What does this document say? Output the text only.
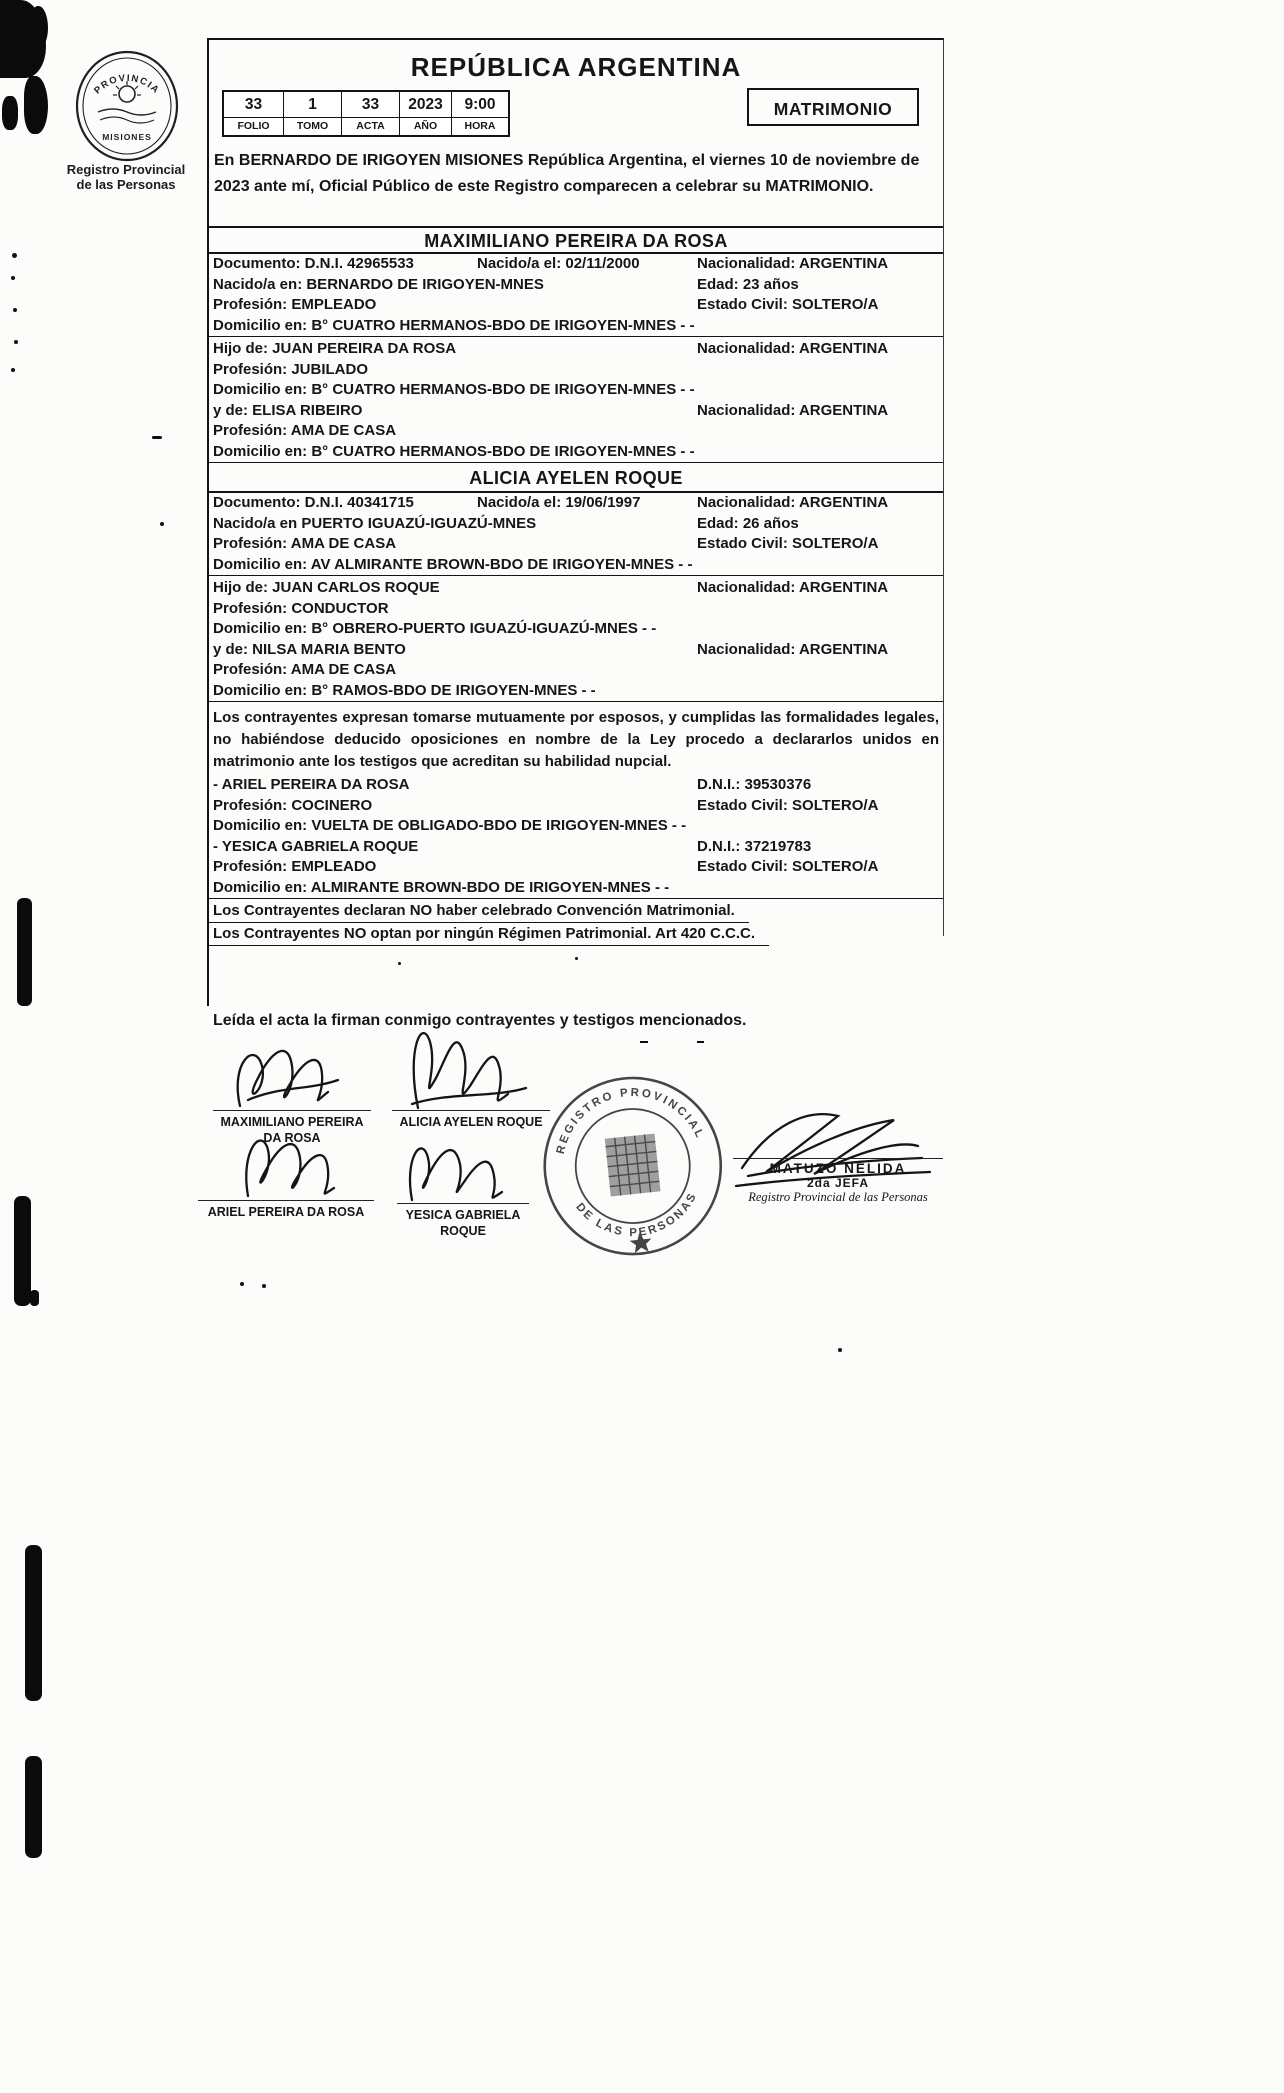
PROVINCIA
MISIONES
Registro Provincial
de las Personas
REPÚBLICA ARGENTINA
33	1	33	2023	9:00
FOLIO	TOMO	ACTA	AÑO	HORA
MATRIMONIO
En BERNARDO DE IRIGOYEN MISIONES República Argentina, el viernes 10 de noviembre de 2023 ante mí, Oficial Público de este Registro comparecen a celebrar su MATRIMONIO.
MAXIMILIANO PEREIRA DA ROSA
Documento: D.N.I. 42965533	Nacido/a el: 02/11/2000	Nacionalidad: ARGENTINA
Nacido/a en: BERNARDO DE IRIGOYEN-MNES	Edad: 23 años
Profesión: EMPLEADO	Estado Civil: SOLTERO/A
Domicilio en: B° CUATRO HERMANOS-BDO DE IRIGOYEN-MNES - -
Hijo de: JUAN PEREIRA DA ROSA	Nacionalidad: ARGENTINA
Profesión: JUBILADO
Domicilio en: B° CUATRO HERMANOS-BDO DE IRIGOYEN-MNES - -
y de: ELISA RIBEIRO	Nacionalidad: ARGENTINA
Profesión: AMA DE CASA
Domicilio en: B° CUATRO HERMANOS-BDO DE IRIGOYEN-MNES - -
ALICIA AYELEN ROQUE
Documento: D.N.I. 40341715	Nacido/a el: 19/06/1997	Nacionalidad: ARGENTINA
Nacido/a en PUERTO IGUAZÚ-IGUAZÚ-MNES	Edad: 26 años
Profesión: AMA DE CASA	Estado Civil: SOLTERO/A
Domicilio en: AV ALMIRANTE BROWN-BDO DE IRIGOYEN-MNES - -
Hijo de: JUAN CARLOS ROQUE	Nacionalidad: ARGENTINA
Profesión: CONDUCTOR
Domicilio en: B° OBRERO-PUERTO IGUAZÚ-IGUAZÚ-MNES - -
y de: NILSA MARIA BENTO	Nacionalidad: ARGENTINA
Profesión: AMA DE CASA
Domicilio en: B° RAMOS-BDO DE IRIGOYEN-MNES - -
Los contrayentes expresan tomarse mutuamente por esposos, y cumplidas las formalidades legales, no habiéndose deducido oposiciones en nombre de la Ley procedo a declararlos unidos en matrimonio ante los testigos que acreditan su habilidad nupcial.
- ARIEL PEREIRA DA ROSA	D.N.I.: 39530376
Profesión: COCINERO	Estado Civil: SOLTERO/A
Domicilio en: VUELTA DE OBLIGADO-BDO DE IRIGOYEN-MNES - -
- YESICA GABRIELA ROQUE	D.N.I.: 37219783
Profesión: EMPLEADO	Estado Civil: SOLTERO/A
Domicilio en: ALMIRANTE BROWN-BDO DE IRIGOYEN-MNES - -
Los Contrayentes declaran NO haber celebrado Convención Matrimonial.
Los Contrayentes NO optan por ningún Régimen Patrimonial. Art 420 C.C.C.
Leída el acta la firman conmigo contrayentes y testigos mencionados.
MAXIMILIANO PEREIRA
DA ROSA
ALICIA AYELEN ROQUE
ARIEL PEREIRA DA ROSA	YESICA GABRIELA
ROQUE
MATUZO NELIDA
2da JEFA
Registro Provincial de las Personas
REGISTRO PROVINCIAL
DE LAS PERSONAS
